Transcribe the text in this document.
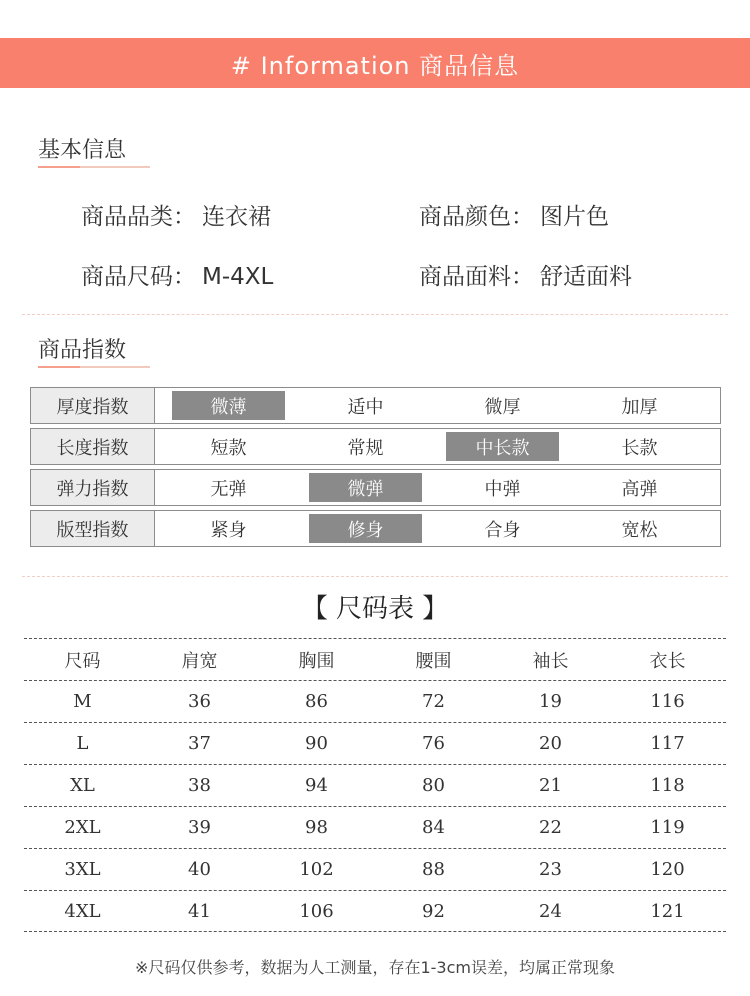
# Information 商品信息
基本信息
商品品类： 连衣裙	商品颜色： 图片色
商品尺码： M-4XL	商品面料： 舒适面料
商品指数
厚度指数	微薄	适中	微厚	加厚
长度指数	短款	常规	中长款	长款
弹力指数	无弹	微弹	中弹	高弹
版型指数	紧身	修身	合身	宽松
【 尺码表 】
尺码	肩宽	胸围	腰围	袖长	衣长
M	36	86	72	19	116
L	37	90	76	20	117
XL	38	94	80	21	118
2XL	39	98	84	22	119
3XL	40	102	88	23	120
4XL	41	106	92	24	121
※尺码仅供参考，数据为人工测量，存在1-3cm误差，均属正常现象
